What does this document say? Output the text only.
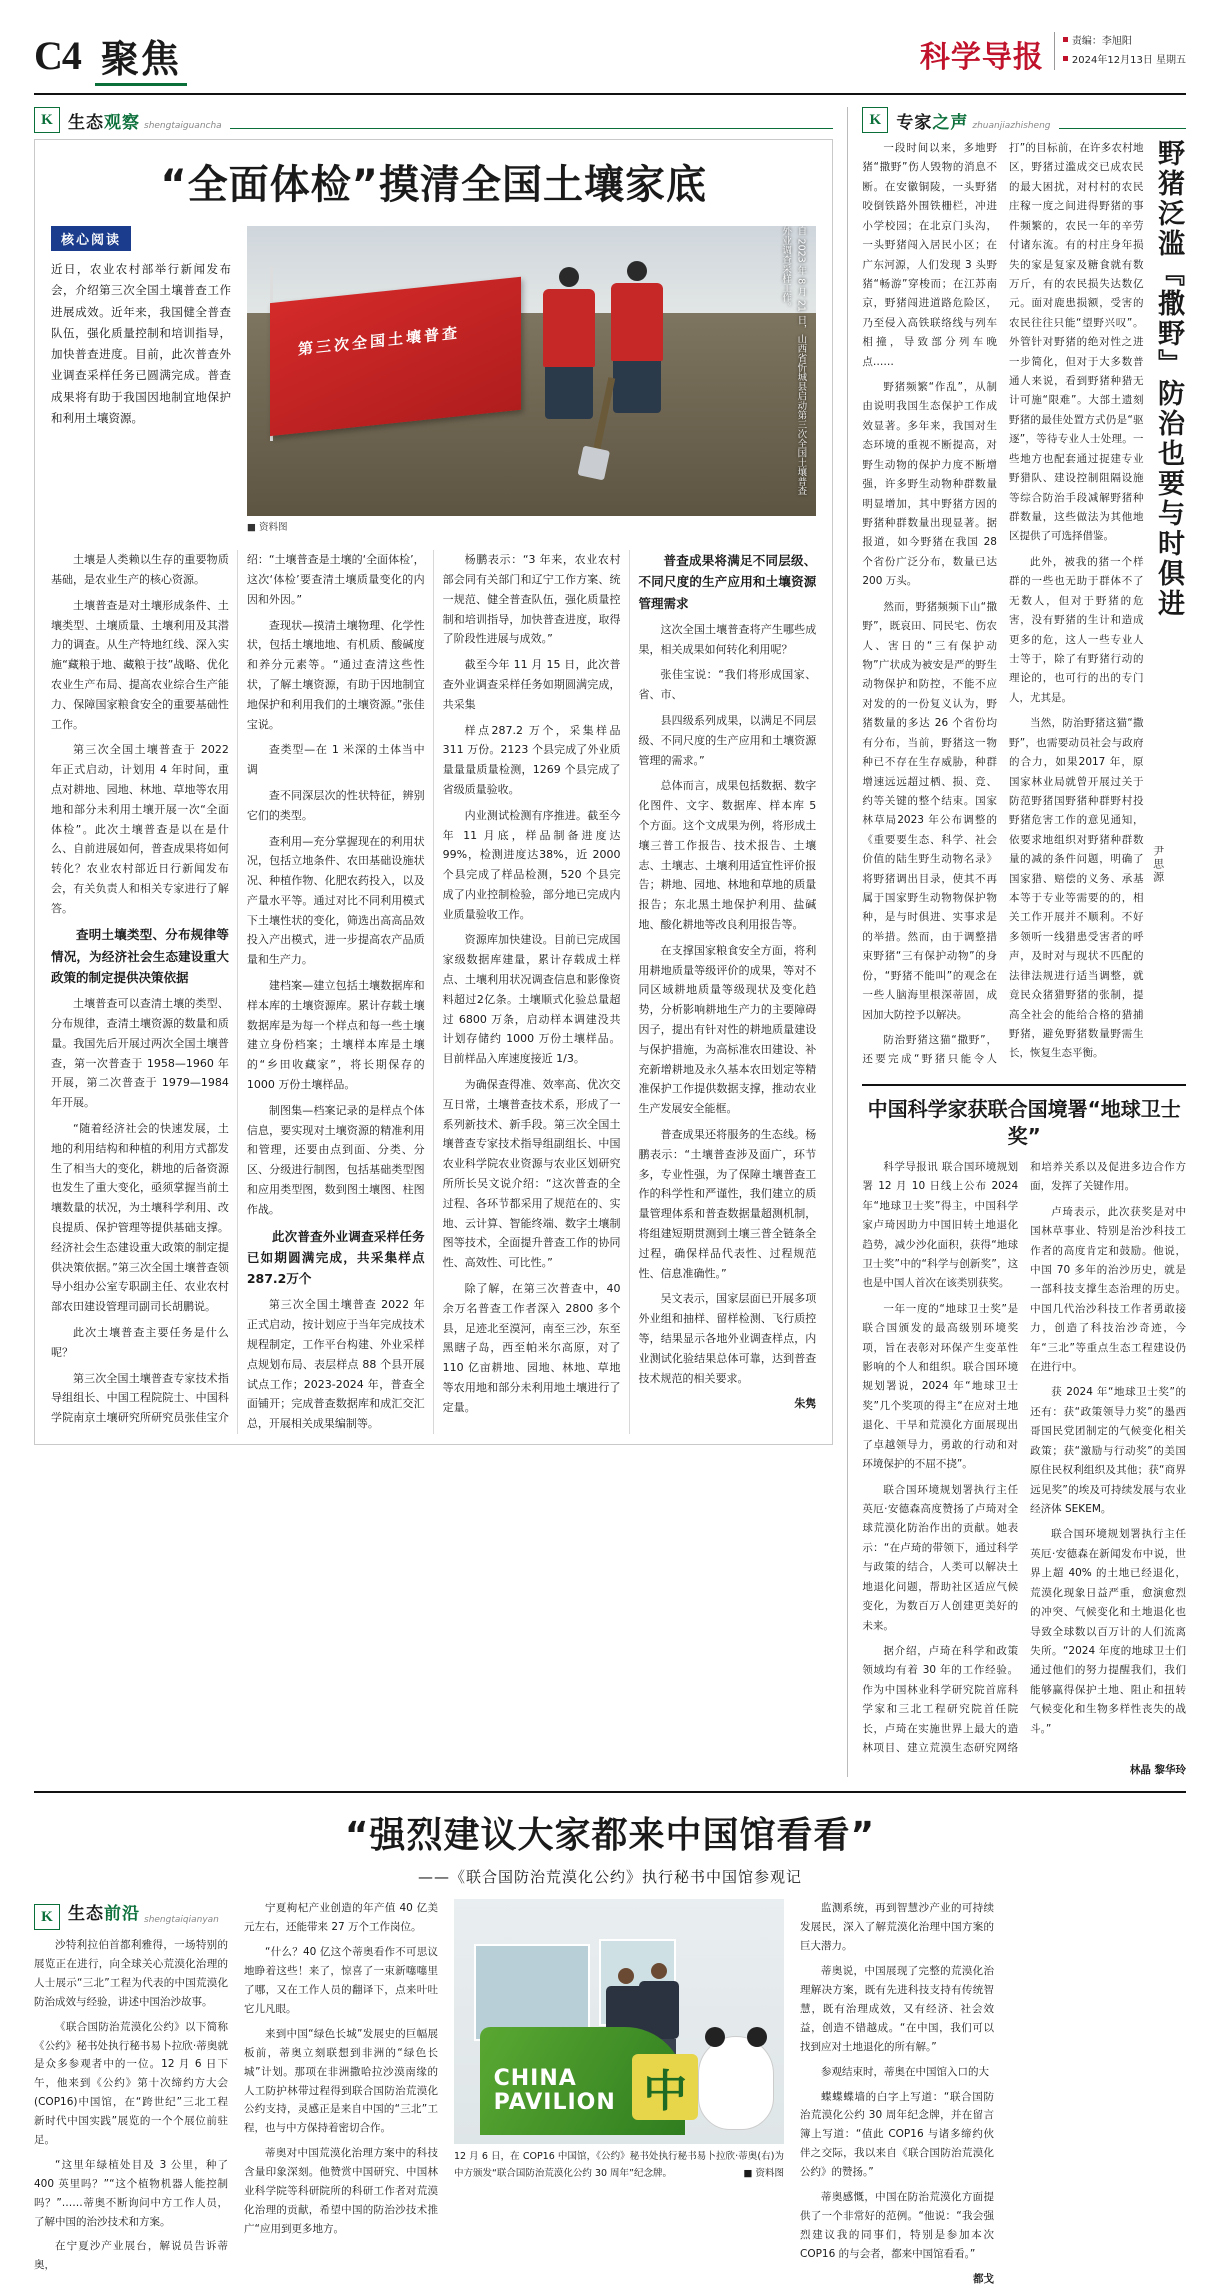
C4 聚焦	科学导报	责编：李旭阳
2024年12月13日 星期五
K 生态观察 shengtaiguancha
“全面体检”摸清全国土壤家底
核心阅读
近日，农业农村部举行新闻发布会，介绍第三次全国土壤普查工作进展成效。近年来，我国健全普查队伍，强化质量控制和培训指导，加快普查进度。目前，此次普查外业调查采样任务已圆满完成。普查成果将有助于我国因地制宜地保护和利用土壤资源。
第三次全国土壤普查	自 2023 年 8 月 21 日，山西省忻城县启动第三次全国土壤普查外业调查采样工作。
■ 资料图

土壤是人类赖以生存的重要物质基础，是农业生产的核心资源。

土壤普查是对土壤形成条件、土壤类型、土壤质量、土壤利用及其潜力的调查。从生产特地红线、深入实施“藏粮于地、藏粮于技”战略、优化农业生产布局、提高农业综合生产能力、保障国家粮食安全的重要基础性工作。

第三次全国土壤普查于 2022 年正式启动，计划用 4 年时间，重点对耕地、园地、林地、草地等农用地和部分未利用土壤开展一次“全面体检”。此次土壤普查是以在是什么、自前进展如何，普查成果将如何转化？农业农村部近日行新闻发布会，有关负责人和相关专家进行了解答。

查明土壤类型、分布规律等情况，为经济社会生态建设重大政策的制定提供决策依据

土壤普查可以查清土壤的类型、分布规律，查清土壤资源的数量和质量。我国先后开展过两次全国土壤普查，第一次普查于 1958—1960 年开展，第二次普查于 1979—1984 年开展。

“随着经济社会的快速发展，土地的利用结构和种植的利用方式都发生了相当大的变化，耕地的后备资源也发生了重大变化，亟须掌握当前土壤数量的状况，为土壤科学利用、改良提质、保护管理等提供基础支撑。经济社会生态建设重大政策的制定提供决策依据。”第三次全国土壤普查领导小组办公室专职副主任、农业农村部农田建设管理司副司长胡鹏说。

此次土壤普查主要任务是什么呢？

第三次全国土壤普查专家技术指导组组长、中国工程院院士、中国科学院南京土壤研究所研究员张佳宝介绍：“土壤普查是土壤的‘全面体检’，这次‘体检’要查清土壤质量变化的内因和外因。”

查现状—摸清土壤物理、化学性状，包括土壤地地、有机质、酸碱度和养分元素等。“通过查清这些性状，了解土壤资源，有助于因地制宜地保护和利用我们的土壤资源。”张佳宝说。

查类型—在 1 米深的土体当中调

查不同深层次的性状特征，辨别它们的类型。

查利用—充分掌握现在的利用状况，包括立地条件、农田基础设施状况、种植作物、化肥农药投入，以及产量水平等。通过对比不同利用模式下土壤性状的变化，筛选出高高品效投入产出模式，进一步提高农产品质量和生产力。

建档案—建立包括土壤数据库和样本库的土壤资源库。累计存载土壤数据库是为每一个样点和每一些土壤建立身份档案；土壤样本库是土壤的“乡田收藏家”，将长期保存的 1000 万份土壤样品。

制图集—档案记录的是样点个体信息，要实现对土壤资源的精准利用和管理，还要由点到面、分类、分区、分级进行制图，包括基础类型图和应用类型图，数到图土壤图、柱图作战。

此次普查外业调查采样任务已如期圆满完成，共采集样点287.2万个

第三次全国土壤普查 2022 年正式启动，按计划应于当年完成技术规程制定，工作平台构建、外业采样点规划布局、表层样点 88 个县开展试点工作；2023-2024 年，普查全面铺开；完成普查数据库和成汇交汇总，开展相关成果编制等。

杨鹏表示：“3 年来，农业农村部会同有关部门和辽宁工作方案、统一规范、健全普查队伍，强化质量控制和培训指导，加快普查进度，取得了阶段性进展与成效。”

截至今年 11 月 15 日，此次普查外业调查采样任务如期圆满完成，共采集

样点287.2 万个，采集样品 311 万份。2123 个县完成了外业质量量量质量检测，1269 个县完成了省级质量验收。

内业测试检测有序推进。截至今年 11 月底，样品制备进度达 99%，检测进度达38%，近 2000 个县完成了样品检测，520 个县完成了内业控制检验，部分地已完成内业质量验收工作。

资源库加快建设。目前已完成国家级数据库建量，累计存载成土样点、土壤利用状况调查信息和影像资料超过2亿条。土壤顺式化验总量超过 6800 万条，启动样本调建没共计划存储约 1000 万份土壤样品。目前样品入库速度接近 1/3。

为确保查得准、效率高、优次交互日常，土壤普查技术系，形成了一系列新技术、新手段。第三次全国土壤普查专家技术指导组副组长、中国农业科学院农业资源与农业区划研究所所长吴文说介绍：“这次普查的全过程、各环节都采用了规范在的、实地、云计算、智能终端、数字土壤制图等技术，全面提升普查工作的协同性、高效性、可比性。”

除了解，在第三次普查中，40 余万名普查工作者深入 2800 多个县，足迹北至漠河，南至三沙，东至黑瞎子岛，西至帕米尔高原，对了 110 亿亩耕地、园地、林地、草地等农用地和部分未利用地土壤进行了定量。

普查成果将满足不同层级、不同尺度的生产应用和土壤资源管理需求

这次全国土壤普查将产生哪些成果，相关成果如何转化利用呢？

张佳宝说：“我们将形成国家、省、市、

县四级系列成果，以满足不同层级、不同尺度的生产应用和土壤资源管理的需求。”

总体而言，成果包括数据、数字化图件、文字、数据库、样本库 5 个方面。这个文成果为例，将形成土壤三普工作报告、技术报告、土壤志、土壤志、土壤利用适宜性评价报告；耕地、园地、林地和草地的质量报告；东北黑土地保护利用、盐碱地、酸化耕地等改良利用报告等。

在支撑国家粮食安全方面，将利用耕地质量等级评价的成果，等对不同区域耕地质量等级现状及变化趋势，分析影响耕地生产力的主要障碍因子，提出有针对性的耕地质量建设与保护措施，为高标准农田建设、补充新增耕地及永久基本农田划定等精准保护工作提供数据支撑，推动农业生产发展安全能框。

普查成果还将服务的生态线。杨鹏表示：“土壤普查涉及面广，环节多，专业性强，为了保障土壤普查工作的科学性和严谨性，我们建立的质量管理体系和普查数据量超测机制，将组建短期贯测到土壤三普全链条全过程，确保样品代表性、过程规范性、信息准确性。”

吴文表示，国家层面已开展多项外业组和抽样、留样检测、飞行质控等，结果显示各地外业调查样点，内业测试化验结果总体可靠，达到普查技术规范的相关要求。

朱隽

K 专家之声 zhuanjiazhisheng
野猪泛滥『撒野』防治也要与时俱进
尹思源

一段时间以来，多地野猪“撒野”伤人毁物的消息不断。在安徽铜陵，一头野猪咬倒铁路外围铁栅栏，冲进小学校园；在北京门头沟，一头野猪闯入居民小区；在广东河源，人们发现 3 头野猪“畅游”穿梭而；在江苏南京，野猪闯进道路危险区，乃至侵入高铁联络线与列车相撞，导致部分列车晚点……

野猪频繁“作乱”，从制由说明我国生态保护工作成效显著。多年来，我国对生态环境的重视不断提高，对野生动物的保护力度不断增强，许多野生动物种群数量明显增加，其中野猪方因的野猪种群数量出现显著。据报道，如今野猪在我国 28 个省份广泛分布，数量已达 200 万头。

然而，野猪频频下山“撒野”，既哀田、同民宅、伤农人、害日的“三有保护动物”广状成为被安是严的野生动物保护和防控，不能不应对发的的一份复义认为，野猪数量的多达 26 个省份均有分布，当前，野猪这一物种已不存在生存威胁，种群增速远远超过栖、损、竞、约等关键的整个结束。国家林草局2023 年公布调整的《重要要生态、科学、社会价值的陆生野生动物名录》将野猪调出目录，使其不再属于国家野生动物物保护物种，是与时俱进、实事求是的举措。然而，由于调整措束野猪“三有保护动物”的身份，“野猪不能叫”的观念在一些人脑海里根深蒂固，成因加大防控予以解决。

防治野猪这猫“撒野”，还要完成“野猪只能令人打”的目标前，在许多农村地区，野猪过滥成交已成农民的最大困扰，对村村的农民庄稼一度之间进得野猪的事件频繁的，农民一年的辛劳付诸东流。有的村庄身年损失的家是复家及糖食就有数万斤，有的农民损失达数亿元。面对鹿患损额，受害的农民往往只能“望野兴叹”。外管针对野猪的绝对性之进一步简化，但对于大多数普通人来说，看到野猪种猎无计可施“限难”。大部土遗刻野猪的最佳处置方式仍是“驱逐”，等待专业人士处理。一些地方也配套通过捉建专业野猎队、建设控制阻隔设施等综合防治手段减解野猪种群数量，这些做法为其他地区提供了可选择借鉴。

此外，被我的猪一个样群的一些也无助于群体不了无数人，但对于野猪的危害，没有野猪的生计和造成更多的危，这人一些专业人士等于，除了有野猪行动的理论的，也可行的出的专门人，尤其是。

当然，防治野猪这猫“撒野”，也需要动员社会与政府的合力，如果2017 年，原国家林业局就曾开展过关于防范野猪国野猪种群野村投野猪危害工作的意见通知，依要求地组织对野猪种群数量的减的条件问题，明确了国家猎、赔偿的义务、承基本等于专业等需要的的，相关工作开展并不顺利。不好多领听一线猎患受害者的呼声，及时对与现状不匹配的法律法规进行适当调整，就竟民众猪猎野猪的张制，提高全社会的能给合格的猎捕野猪，避免野猪数量野需生长，恢复生态平衡。

中国科学家获联合国境署“地球卫士奖”

科学导报讯 联合国环境规划署 12 月 10 日线上公布 2024 年“地球卫士奖”得主，中国科学家卢琦因助力中国旧转土地退化趋势，减少沙化面积，获得“地球卫士奖”中的“科学与创新奖”，这也是中国人首次在该类别获奖。

一年一度的“地球卫士奖”是联合国颁发的最高级别环境奖项，旨在表彰对环保产生变革性影响的个人和组织。联合国环境规划署说，2024 年“地球卫士奖”几个奖项的得主“在应对土地退化、干旱和荒漠化方面展现出了卓越领导力，勇敢的行动和对环境保护的不屈不挠”。

联合国环境规划署执行主任英厄·安德森高度赞扬了卢琦对全球荒漠化防治作出的贡献。她表示：“在卢琦的带领下，通过科学与政策的结合，人类可以解决土地退化问题，帮助社区适应气候变化，为数百万人创建更美好的未来。

据介绍，卢琦在科学和政策领域均有着 30 年的工作经验。作为中国林业科学研究院首席科学家和三北工程研究院首任院长，卢琦在实施世界上最大的造林项目、建立荒漠生态研究网络和培养关系以及促进多边合作方面，发挥了关键作用。

卢琦表示，此次获奖是对中国林草事业、特别是治沙科技工作者的高度肯定和鼓励。他说，中国 70 多年的治沙历史，就是一部科技支撑生态治理的历史。中国几代治沙科技工作者勇敢接力，创造了科技治沙奇迹，今年“三北”等重点生态工程建设仍在进行中。

获 2024 年“地球卫士奖”的还有：获“政策领导力奖”的墨西哥国民党团制定的气候变化相关政策；获“激励与行动奖”的美国原住民权利组织及其他；获“商界远见奖”的埃及可持续发展与农业经济体 SEKEM。

联合国环境规划署执行主任英厄·安德森在新闻发布中说，世界上超 40% 的土地已经退化，荒漠化现象日益严重，愈演愈烈的冲突、气候变化和土地退化也导致全球数以百万计的人们流离失所。“2024 年度的地球卫士们通过他们的努力提醒我们，我们能够赢得保护土地、阻止和扭转气候变化和生物多样性丧失的战斗。”

林晶 黎华玲
“强烈建议大家都来中国馆看看”
——《联合国防治荒漠化公约》执行秘书中国馆参观记
K 生态前沿 shengtaiqianyan

沙特利拉伯首都利雅得，一场特别的展览正在进行，向全球关心荒漠化治理的人士展示“三北”工程为代表的中国荒漠化防治成效与经验，讲述中国治沙故事。

《联合国防治荒漠化公约》以下简称《公约》秘书处执行秘书易卜拉欣·蒂奥就是众多参观者中的一位。12 月 6 日下午，他来到《公约》第十次缔约方大会(COP16)中国馆，在“跨世纪”三北工程 新时代中国实践”展览的一个个展位前驻足。

“这里年绿植处目及 3 公里，种了 400 英里吗？”“这个植物机器人能控制吗？”……蒂奥不断询问中方工作人员，了解中国的治沙技术和方案。

在宁夏沙产业展台，解说员告诉蒂奥，

宁夏枸杞产业创造的年产值 40 亿美元左右，还能带来 27 万个工作岗位。

“什么？40 亿这个蒂奥看作不可思议地睁着这些！来了，惊喜了一束新噻噻里了哪，又在工作人员的翻译下，点来叶吐它儿凡眼。

来到中国“绿色长城”发展史的巨幅展板前，蒂奥立刻联想到非洲的“绿色长城”计划。那项在非洲撒哈拉沙漠南缘的人工防护林带过程得到联合国防治荒漠化公约支持，灵感正是来自中国的“三北”工程，也与中方保持着密切合作。

蒂奥对中国荒漠化治理方案中的科技含量印象深刻。他赞赏中国研究、中国林业科学院等科研院所的科研工作者对荒漠化治理的贡献，希望中国的防治沙技术推广“应用到更多地方。

CHINA
PAVILION 中
12 月 6 日，在 COP16 中国馆，《公约》秘书处执行秘书易卜拉欣·蒂奥(右)为中方颁发“联合国防治荒漠化公约 30 周年”纪念牌。	■ 资料图

监测系统，再到智慧沙产业的可持续发展民，深入了解荒漠化治理中国方案的巨大潜力。

蒂奥说，中国展现了完整的荒漠化治理解决方案，既有先进科技支持有传统智慧，既有治理成效，又有经济、社会效益，创造不错越成。“在中国，我们可以找到应对土地退化的所有解。”

参观结束时，蒂奥在中国馆入口的大

蝶蝶蝶墙的白字上写道：“联合国防治荒漠化公约 30 周年纪念牌，并在留言簿上写道：“值此 COP16 与诸多缔约伙伴之交际，我以来自《联合国防治荒漠化公约》的赞扬。”

蒂奥感慨，中国在防治荒漠化方面提供了一个非常好的范例。“他说：“我会强烈建议我的同事们，特别是参加本次 COP16 的与会者，都来中国馆看看。”

都戈
